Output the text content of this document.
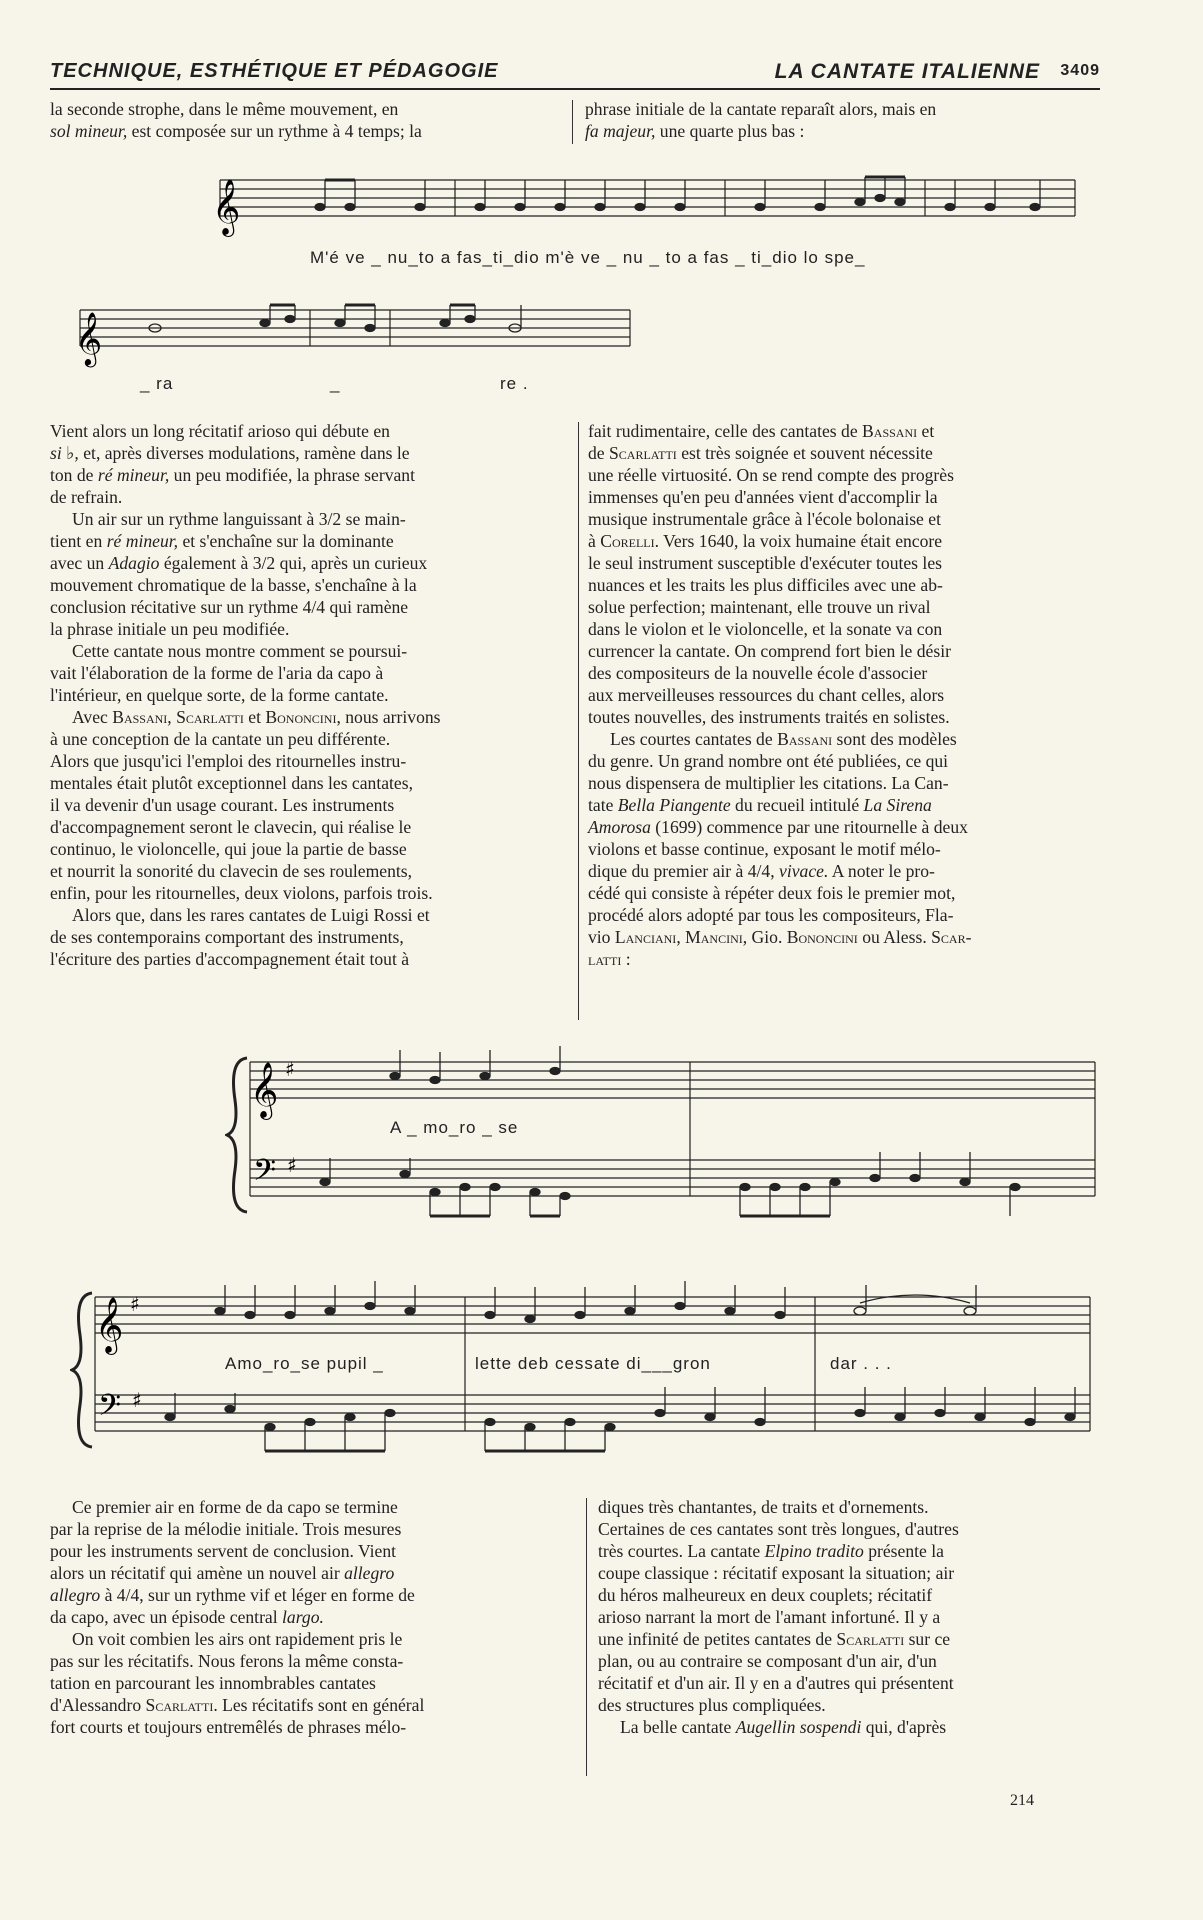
TECHNIQUE, ESTHÉTIQUE ET PÉDAGOGIE	LA CANTATE ITALIENNE 3409

la seconde strophe, dans le même mouvement, en
sol mineur, est composée sur un rythme à 4 temps; la

phrase initiale de la cantate reparaît alors, mais en
fa majeur, une quarte plus bas :

𝄞
M'é ve _ nu_to a fas_ti_dio m'è ve _ nu _ to a fas _ ti_dio lo spe_
𝄞
_ ra	_	re .

Vient alors un long récitatif arioso qui débute en
si ♭, et, après diverses modulations, ramène dans le
ton de ré mineur, un peu modifiée, la phrase servant
de refrain.

Un air sur un rythme languissant à 3/2 se main-
tient en ré mineur, et s'enchaîne sur la dominante
avec un Adagio également à 3/2 qui, après un curieux
mouvement chromatique de la basse, s'enchaîne à la
conclusion récitative sur un rythme 4/4 qui ramène
la phrase initiale un peu modifiée.

Cette cantate nous montre comment se poursui-
vait l'élaboration de la forme de l'aria da capo à
l'intérieur, en quelque sorte, de la forme cantate.

Avec Bassani, Scarlatti et Bononcini, nous arrivons
à une conception de la cantate un peu différente.
Alors que jusqu'ici l'emploi des ritournelles instru-
mentales était plutôt exceptionnel dans les cantates,
il va devenir d'un usage courant. Les instruments
d'accompagnement seront le clavecin, qui réalise le
continuo, le violoncelle, qui joue la partie de basse
et nourrit la sonorité du clavecin de ses roulements,
enfin, pour les ritournelles, deux violons, parfois trois.

Alors que, dans les rares cantates de Luigi Rossi et
de ses contemporains comportant des instruments,
l'écriture des parties d'accompagnement était tout à

fait rudimentaire, celle des cantates de Bassani et
de Scarlatti est très soignée et souvent nécessite
une réelle virtuosité. On se rend compte des progrès
immenses qu'en peu d'années vient d'accomplir la
musique instrumentale grâce à l'école bolonaise et
à Corelli. Vers 1640, la voix humaine était encore
le seul instrument susceptible d'exécuter toutes les
nuances et les traits les plus difficiles avec une ab-
solue perfection; maintenant, elle trouve un rival
dans le violon et le violoncelle, et la sonate va con
currencer la cantate. On comprend fort bien le désir
des compositeurs de la nouvelle école d'associer
aux merveilleuses ressources du chant celles, alors
toutes nouvelles, des instruments traités en solistes.

Les courtes cantates de Bassani sont des modèles
du genre. Un grand nombre ont été publiées, ce qui
nous dispensera de multiplier les citations. La Can-
tate Bella Piangente du recueil intitulé La Sirena
Amorosa (1699) commence par une ritournelle à deux
violons et basse continue, exposant le motif mélo-
dique du premier air à 4/4, vivace. A noter le pro-
cédé qui consiste à répéter deux fois le premier mot,
procédé alors adopté par tous les compositeurs, Fla-
vio Lanciani, Mancini, Gio. Bononcini ou Aless. Scar-
latti :

𝄞
𝄢
♯
♯
A _ mo_ro _ se
𝄞
𝄢
♯
♯
Amo_ro_se pupil _	lette deb cessate di___gron	dar . . .

Ce premier air en forme de da capo se termine
par la reprise de la mélodie initiale. Trois mesures
pour les instruments servent de conclusion. Vient
alors un récitatif qui amène un nouvel air allegro
allegro à 4/4, sur un rythme vif et léger en forme de
da capo, avec un épisode central largo.

On voit combien les airs ont rapidement pris le
pas sur les récitatifs. Nous ferons la même consta-
tation en parcourant les innombrables cantates
d'Alessandro Scarlatti. Les récitatifs sont en général
fort courts et toujours entremêlés de phrases mélo-

diques très chantantes, de traits et d'ornements.
Certaines de ces cantates sont très longues, d'autres
très courtes. La cantate Elpino tradito présente la
coupe classique : récitatif exposant la situation; air
du héros malheureux en deux couplets; récitatif
arioso narrant la mort de l'amant infortuné. Il y a
une infinité de petites cantates de Scarlatti sur ce
plan, ou au contraire se composant d'un air, d'un
récitatif et d'un air. Il y en a d'autres qui présentent
des structures plus compliquées.

La belle cantate Augellin sospendi qui, d'après

214
